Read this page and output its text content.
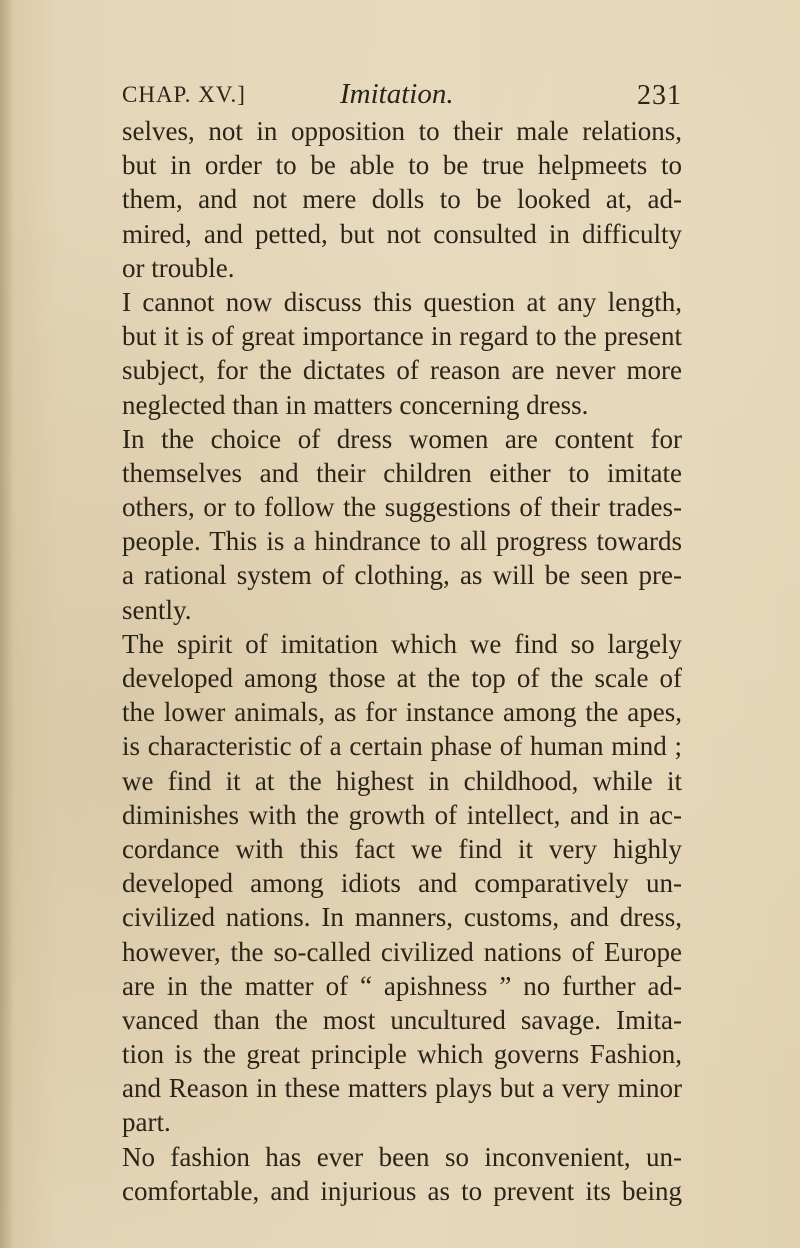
CHAP. XV.]	Imitation.	231
selves, not in opposition to their male relations,
but in order to be able to be true helpmeets to
them, and not mere dolls to be looked at, ad-
mired, and petted, but not consulted in difficulty
or trouble.
I cannot now discuss this question at any length,
but it is of great importance in regard to the present
subject, for the dictates of reason are never more
neglected than in matters concerning dress.
In the choice of dress women are content for
themselves and their children either to imitate
others, or to follow the suggestions of their trades-
people. This is a hindrance to all progress towards
a rational system of clothing, as will be seen pre-
sently.
The spirit of imitation which we find so largely
developed among those at the top of the scale of
the lower animals, as for instance among the apes,
is characteristic of a certain phase of human mind ;
we find it at the highest in childhood, while it
diminishes with the growth of intellect, and in ac-
cordance with this fact we find it very highly
developed among idiots and comparatively un-
civilized nations. In manners, customs, and dress,
however, the so-called civilized nations of Europe
are in the matter of “ apishness ” no further ad-
vanced than the most uncultured savage. Imita-
tion is the great principle which governs Fashion,
and Reason in these matters plays but a very minor
part.
No fashion has ever been so inconvenient, un-
comfortable, and injurious as to prevent its being
